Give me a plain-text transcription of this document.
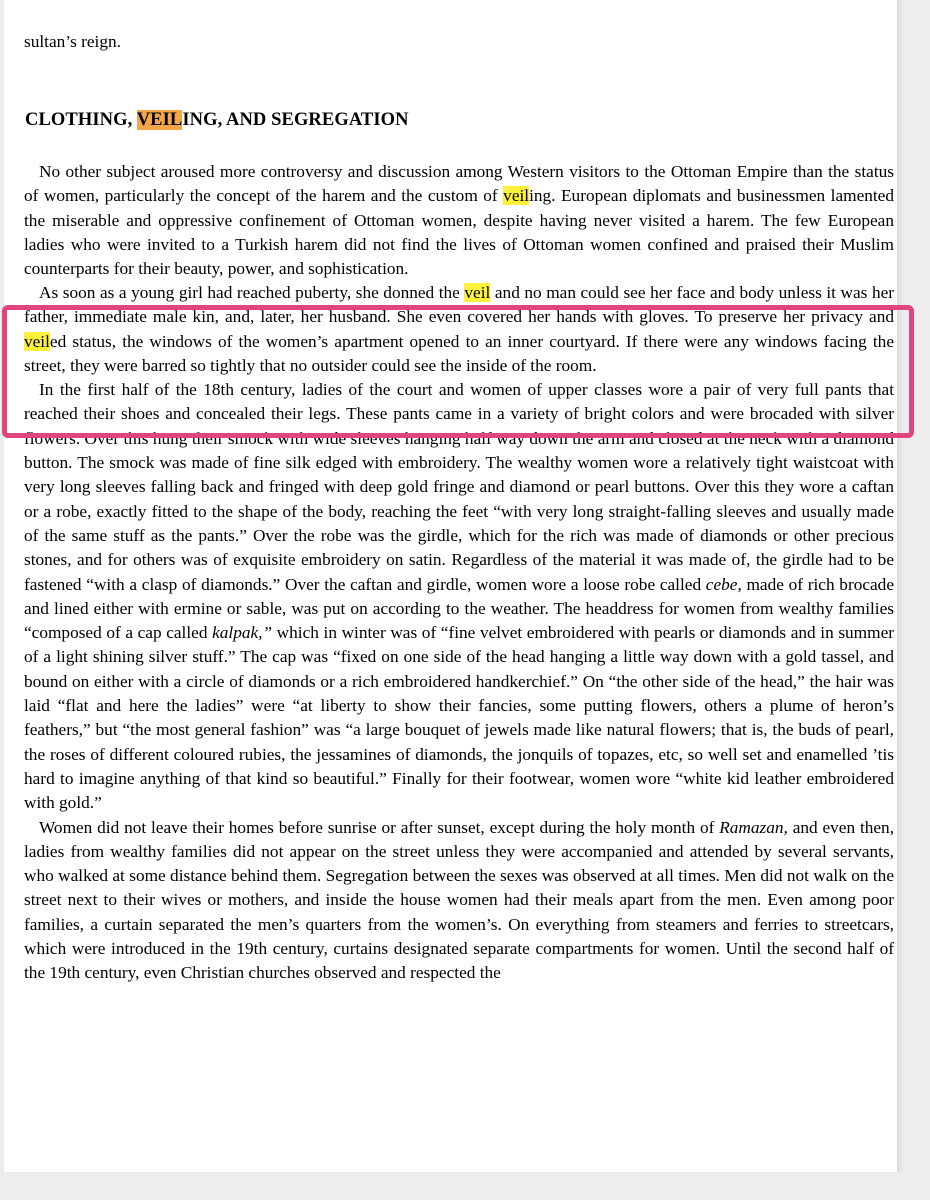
sultan’s reign.

CLOTHING, VEILING, AND SEGREGATION

No other subject aroused more controversy and discussion among Western visitors to the Ottoman Empire than the status of women, particularly the concept of the harem and the custom of veiling. European diplomats and businessmen lamented the miserable and oppressive confinement of Ottoman women, despite having never visited a harem. The few European ladies who were invited to a Turkish harem did not find the lives of Ottoman women confined and praised their Muslim counterparts for their beauty, power, and sophistication.

As soon as a young girl had reached puberty, she donned the veil and no man could see her face and body unless it was her father, immediate male kin, and, later, her husband. She even covered her hands with gloves. To preserve her privacy and veiled status, the windows of the women’s apartment opened to an inner courtyard. If there were any windows facing the street, they were barred so tightly that no outsider could see the inside of the room.

In the first half of the 18th century, ladies of the court and women of upper classes wore a pair of very full pants that reached their shoes and concealed their legs. These pants came in a variety of bright colors and were brocaded with silver flowers. Over this hung their smock with wide sleeves hanging half way down the arm and closed at the neck with a diamond button. The smock was made of fine silk edged with embroidery. The wealthy women wore a relatively tight waistcoat with very long sleeves falling back and fringed with deep gold fringe and diamond or pearl buttons. Over this they wore a caftan or a robe, exactly fitted to the shape of the body, reaching the feet “with very long straight-falling sleeves and usually made of the same stuff as the pants.” Over the robe was the girdle, which for the rich was made of diamonds or other precious stones, and for others was of exquisite embroidery on satin. Regardless of the material it was made of, the girdle had to be fastened “with a clasp of diamonds.” Over the caftan and girdle, women wore a loose robe called cebe, made of rich brocade and lined either with ermine or sable, was put on according to the weather. The headdress for women from wealthy families “composed of a cap called kalpak,” which in winter was of “fine velvet embroidered with pearls or diamonds and in summer of a light shining silver stuff.” The cap was “fixed on one side of the head hanging a little way down with a gold tassel, and bound on either with a circle of diamonds or a rich embroidered handkerchief.” On “the other side of the head,” the hair was laid “flat and here the ladies” were “at liberty to show their fancies, some putting flowers, others a plume of heron’s feathers,” but “the most general fashion” was “a large bouquet of jewels made like natural flowers; that is, the buds of pearl, the roses of different coloured rubies, the jessamines of diamonds, the jonquils of topazes, etc, so well set and enamelled ’tis hard to imagine anything of that kind so beautiful.” Finally for their footwear, women wore “white kid leather embroidered with gold.”

Women did not leave their homes before sunrise or after sunset, except during the holy month of Ramazan, and even then, ladies from wealthy families did not appear on the street unless they were accompanied and attended by several servants, who walked at some distance behind them. Segregation between the sexes was observed at all times. Men did not walk on the street next to their wives or mothers, and inside the house women had their meals apart from the men. Even among poor families, a curtain separated the men’s quarters from the women’s. On everything from steamers and ferries to streetcars, which were introduced in the 19th century, curtains designated separate compartments for women. Until the second half of the 19th century, even Christian churches observed and respected the
